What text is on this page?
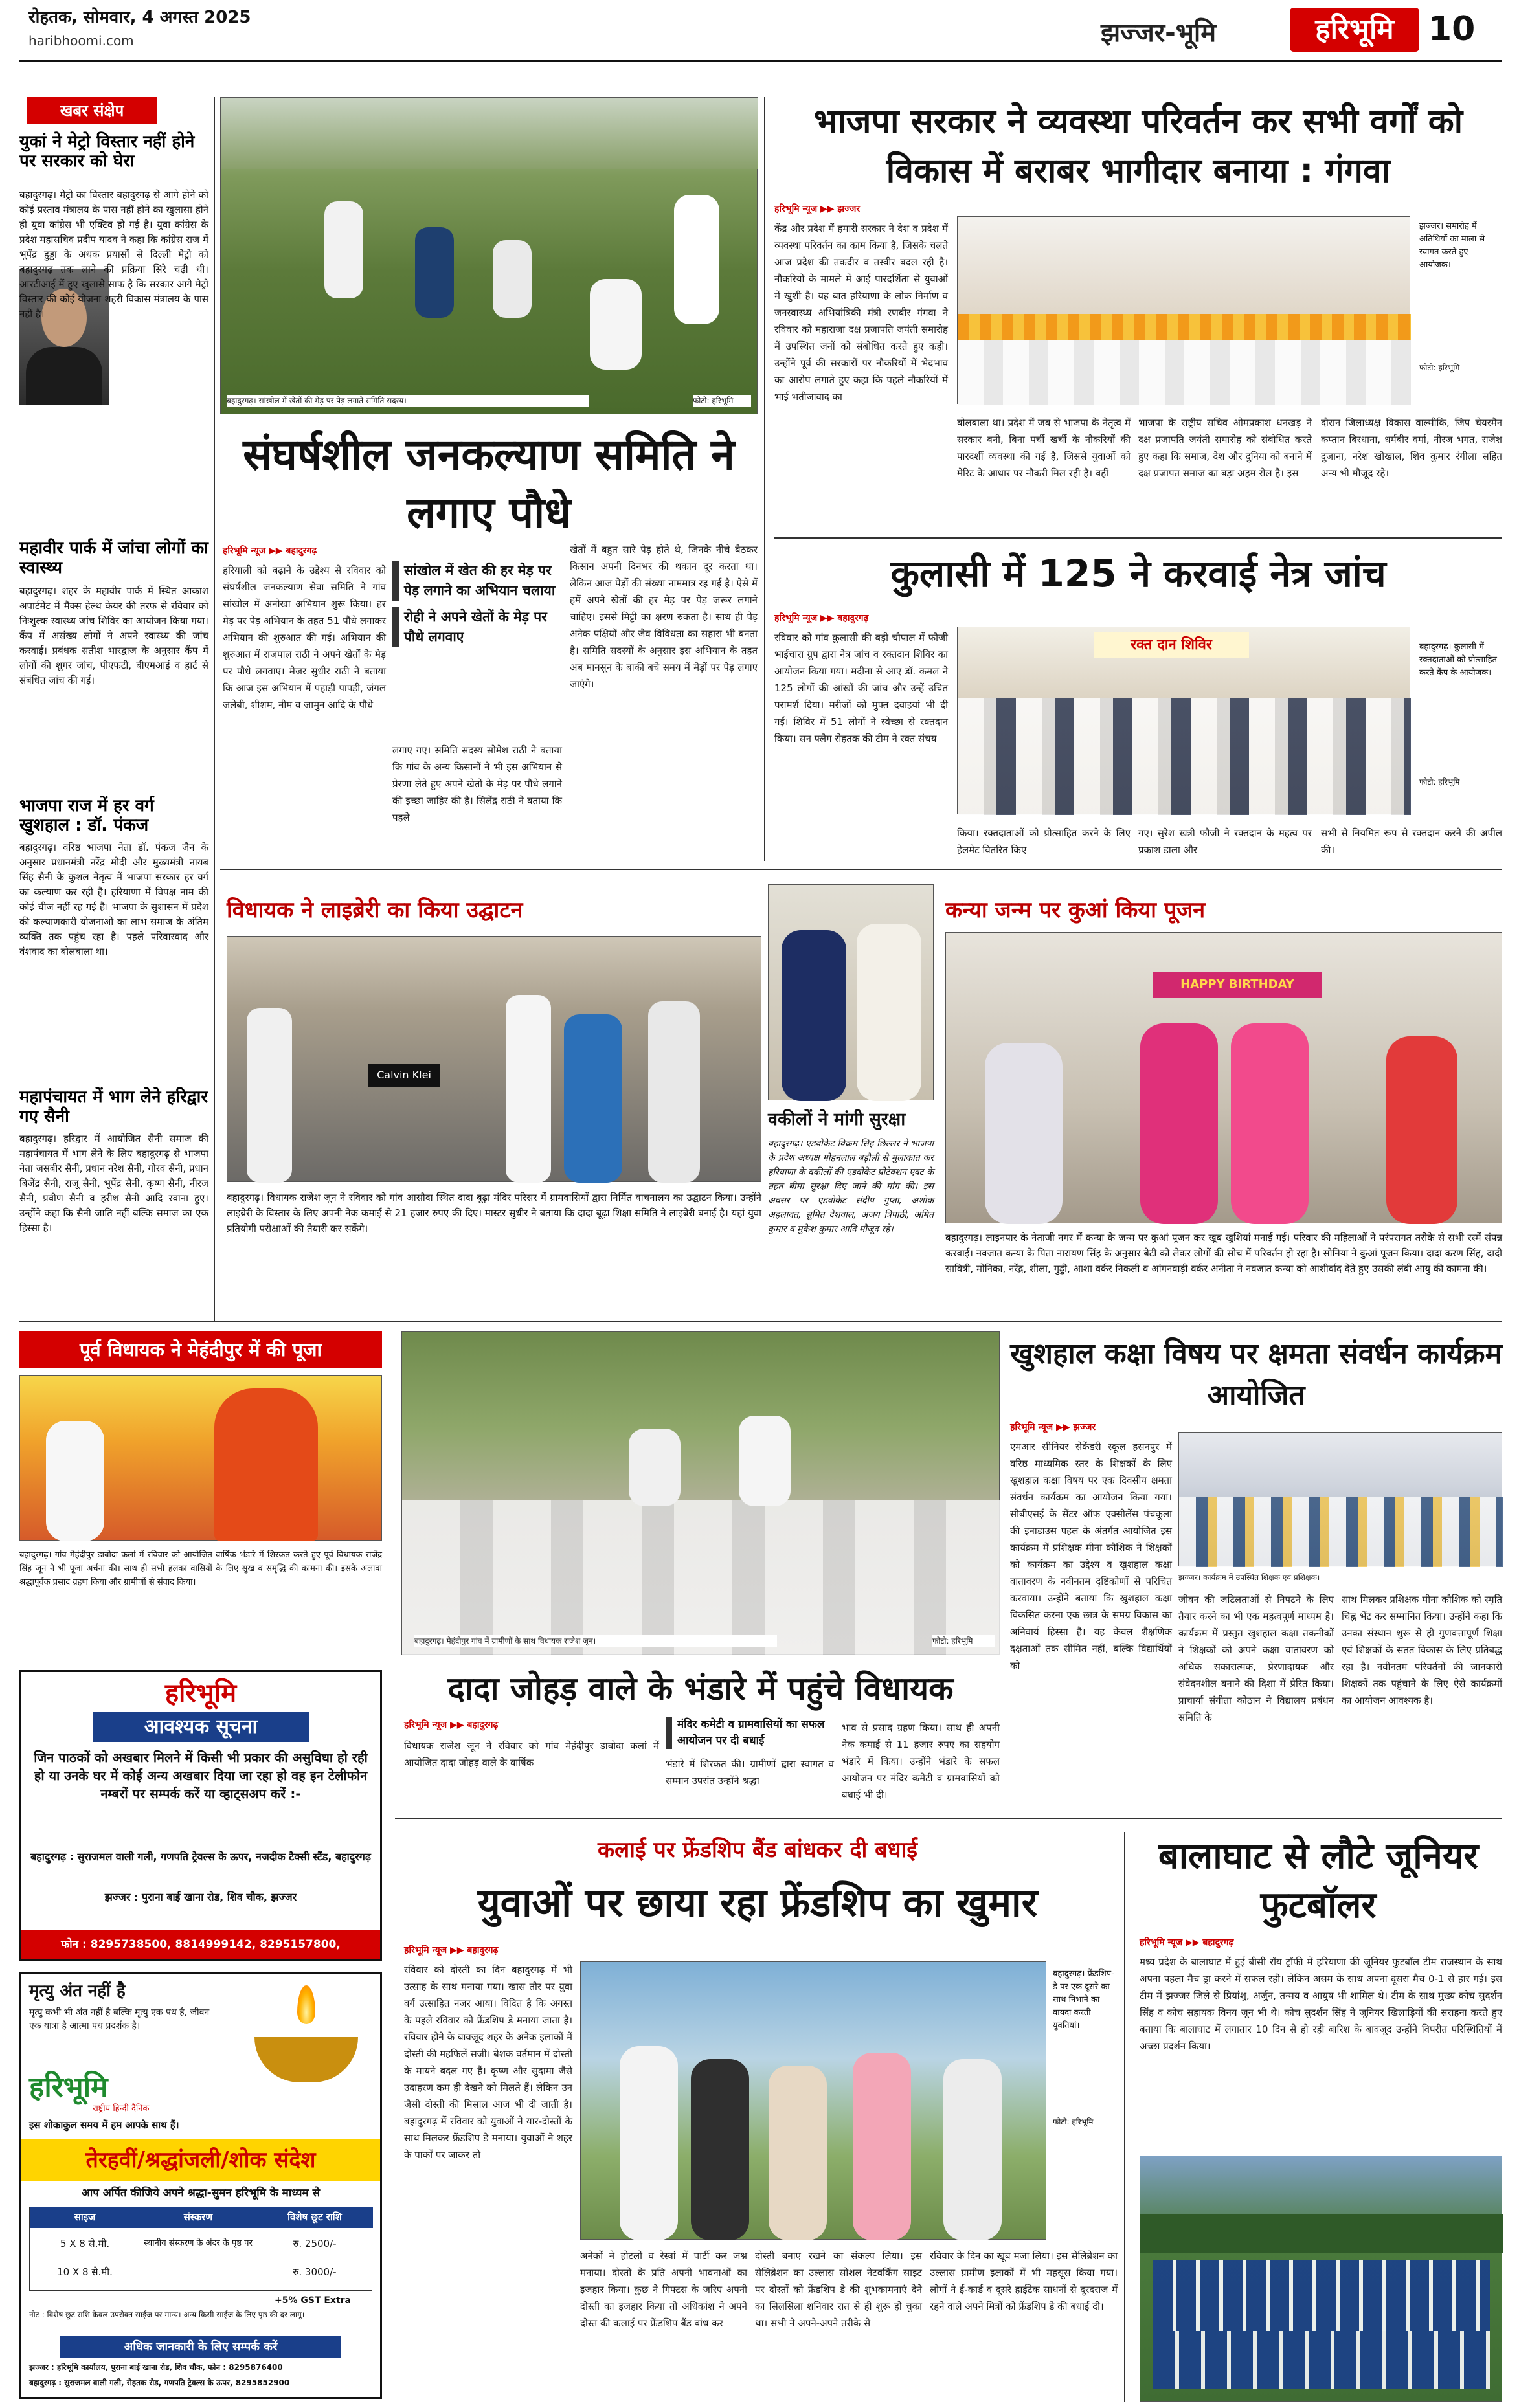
रोहतक, सोमवार, 4 अगस्त 2025
haribhoomi.com	झज्जर-भूमि	हरिभूमि	10
खबर संक्षेप
युकां ने मेट्रो विस्तार नहीं होने पर सरकार को घेरा
बहादुरगढ़। मेट्रो का विस्तार बहादुरगढ़ से आगे होने को कोई प्रस्ताव मंत्रालय के पास नहीं होने का खुलासा होने ही युवा कांग्रेस भी एक्टिव हो गई है। युवा कांग्रेस के प्रदेश महासचिव प्रदीप यादव ने कहा कि कांग्रेस राज में भूपेंद्र हुड्डा के अथक प्रयासों से दिल्ली मेट्रो को बहादुरगढ़ तक लाने की प्रक्रिया सिरे चढ़ी थी। आरटीआई में हुए खुलासे साफ है कि सरकार आगे मेट्रो विस्तार की कोई योजना शहरी विकास मंत्रालय के पास नहीं है।
महावीर पार्क में जांचा लोगों का स्वास्थ्य
बहादुरगढ़। शहर के महावीर पार्क में स्थित आकाश अपार्टमेंट में मैक्स हेल्थ केयर की तरफ से रविवार को निःशुल्क स्वास्थ्य जांच शिविर का आयोजन किया गया। कैंप में असंख्य लोगों ने अपने स्वास्थ्य की जांच करवाई। प्रबंधक सतीश भारद्वाज के अनुसार कैंप में लोगों की शुगर जांच, पीएफटी, बीएमआई व हार्ट से संबंधित जांच की गई।
भाजपा राज में हर वर्ग खुशहाल : डॉ. पंकज
बहादुरगढ़। वरिष्ठ भाजपा नेता डॉ. पंकज जैन के अनुसार प्रधानमंत्री नरेंद्र मोदी और मुख्यमंत्री नायब सिंह सैनी के कुशल नेतृत्व में भाजपा सरकार हर वर्ग का कल्याण कर रही है। हरियाणा में विपक्ष नाम की कोई चीज नहीं रह गई है। भाजपा के सुशासन में प्रदेश की कल्याणकारी योजनाओं का लाभ समाज के अंतिम व्यक्ति तक पहुंच रहा है। पहले परिवारवाद और वंशवाद का बोलबाला था।
महापंचायत में भाग लेने हरिद्वार गए सैनी
बहादुरगढ़। हरिद्वार में आयोजित सैनी समाज की महापंचायत में भाग लेने के लिए बहादुरगढ़ से भाजपा नेता जसबीर सैनी, प्रधान नरेश सैनी, गोरव सैनी, प्रधान बिजेंद्र सैनी, राजू सैनी, भूपेंद्र सैनी, कृष्ण सैनी, नीरज सैनी, प्रवीण सैनी व हरीश सैनी आदि रवाना हुए। उन्होंने कहा कि सैनी जाति नहीं बल्कि समाज का एक हिस्सा है।
बहादुरगढ़। सांखोल में खेतों की मेड़ पर पेड़ लगाते समिति सदस्य।	फोटो: हरिभूमि
संघर्षशील जनकल्याण समिति ने लगाए पौधे
हरिभूमि न्यूज ▶▶ बहादुरगढ़
सांखोल में खेत की हर मेड़ पर पेड़ लगाने का अभियान चलाया
रोही ने अपने खेतों के मेड़ पर पौधे लगवाए
हरियाली को बढ़ाने के उद्देश्य से रविवार को संघर्षशील जनकल्याण सेवा समिति ने गांव सांखोल में अनोखा अभियान शुरू किया। हर मेड़ पर पेड़ अभियान के तहत 51 पौधे लगाकर अभियान की शुरुआत की गई। अभियान की शुरुआत में राजपाल राठी ने अपने खेतों के मेड़ पर पौधे लगवाए। मेजर सुधीर राठी ने बताया कि आज इस अभियान में पहाड़ी पापड़ी, जंगल जलेबी, शीशम, नीम व जामुन आदि के पौधे
लगाए गए। समिति सदस्य सोमेश राठी ने बताया कि गांव के अन्य किसानों ने भी इस अभियान से प्रेरणा लेते हुए अपने खेतों के मेड़ पर पौधे लगाने की इच्छा जाहिर की है। सिलेंद्र राठी ने बताया कि पहले
खेतों में बहुत सारे पेड़ होते थे, जिनके नीचे बैठकर किसान अपनी दिनभर की थकान दूर करता था। लेकिन आज पेड़ों की संख्या नाममात्र रह गई है। ऐसे में हमें अपने खेतों की हर मेड़ पर पेड़ जरूर लगाने चाहिए। इससे मिट्टी का क्षरण रुकता है। साथ ही पेड़ अनेक पक्षियों और जैव विविधता का सहारा भी बनता है। समिति सदस्यों के अनुसार इस अभियान के तहत अब मानसून के बाकी बचे समय में मेड़ों पर पेड़ लगाए जाएंगे।
भाजपा सरकार ने व्यवस्था परिवर्तन कर सभी वर्गों को विकास में बराबर भागीदार बनाया : गंगवा
हरिभूमि न्यूज ▶▶ झज्जर
केंद्र और प्रदेश में हमारी सरकार ने देश व प्रदेश में व्यवस्था परिवर्तन का काम किया है, जिसके चलते आज प्रदेश की तकदीर व तस्वीर बदल रही है। नौकरियों के मामले में आई पारदर्शिता से युवाओं में खुशी है। यह बात हरियाणा के लोक निर्माण व जनस्वास्थ्य अभियांत्रिकी मंत्री रणबीर गंगवा ने रविवार को महाराजा दक्ष प्रजापति जयंती समारोह में उपस्थित जनों को संबोधित करते हुए कही। उन्होंने पूर्व की सरकारों पर नौकरियों में भेदभाव का आरोप लगाते हुए कहा कि पहले नौकरियों में भाई भतीजावाद का
झज्जर। समारोह में अतिथियों का माला से स्वागत करते हुए आयोजक।
फोटो: हरिभूमि
बोलबाला था। प्रदेश में जब से भाजपा के नेतृत्व में सरकार बनी, बिना पर्ची खर्ची के नौकरियों की पारदर्शी व्यवस्था की गई है, जिससे युवाओं को मेरिट के आधार पर नौकरी मिल रही है। वहीं
भाजपा के राष्ट्रीय सचिव ओमप्रकाश धनखड़ ने दक्ष प्रजापति जयंती समारोह को संबोधित करते हुए कहा कि समाज, देश और दुनिया को बनाने में दक्ष प्रजापत समाज का बड़ा अहम रोल है। इस
दौरान जिलाध्यक्ष विकास वाल्मीकि, जिप चेयरमैन कप्तान बिरधाना, धर्मबीर वर्मा, नीरज भगत, राजेश दुजाना, नरेश खोखाल, शिव कुमार रंगीला सहित अन्य भी मौजूद रहे।
कुलासी में 125 ने करवाई नेत्र जांच
हरिभूमि न्यूज ▶▶ बहादुरगढ़
रविवार को गांव कुलासी की बड़ी चौपाल में फौजी भाईचारा ग्रुप द्वारा नेत्र जांच व रक्तदान शिविर का आयोजन किया गया। मदीना से आए डॉ. कमल ने 125 लोगों की आंखों की जांच और उन्हें उचित परामर्श दिया। मरीजों को मुफ्त दवाइयां भी दी गईं। शिविर में 51 लोगों ने स्वेच्छा से रक्तदान किया। सन फ्लैग रोहतक की टीम ने रक्त संचय
रक्त दान शिविर	बहादुरगढ़। कुलासी में रक्तदाताओं को प्रोत्साहित करते कैंप के आयोजक।
फोटो: हरिभूमि
किया। रक्तदाताओं को प्रोत्साहित करने के लिए हेलमेट वितरित किए
गए। सुरेश खत्री फौजी ने रक्तदान के महत्व पर प्रकाश डाला और
सभी से नियमित रूप से रक्तदान करने की अपील की।
विधायक ने लाइब्रेरी का किया उद्घाटन
Calvin Klei
बहादुरगढ़। विधायक राजेश जून ने रविवार को गांव आसौदा स्थित दादा बूढ़ा मंदिर परिसर में ग्रामवासियों द्वारा निर्मित वाचनालय का उद्घाटन किया। उन्होंने लाइब्रेरी के विस्तार के लिए अपनी नेक कमाई से 21 हजार रुपए की दिए। मास्टर सुधीर ने बताया कि दादा बूढ़ा शिक्षा समिति ने लाइब्रेरी बनाई है। यहां युवा प्रतियोगी परीक्षाओं की तैयारी कर सकेंगे।
वकीलों ने मांगी सुरक्षा
बहादुरगढ़। एडवोकेट विक्रम सिंह छिल्लर ने भाजपा के प्रदेश अध्यक्ष मोहनलाल बड़ौली से मुलाकात कर हरियाणा के वकीलों की एडवोकेट प्रोटेक्शन एक्ट के तहत बीमा सुरक्षा दिए जाने की मांग की। इस अवसर पर एडवोकेट संदीप गुप्ता, अशोक अहलावत, सुमित देशवाल, अजय त्रिपाठी, अमित कुमार व मुकेश कुमार आदि मौजूद रहे।
कन्या जन्म पर कुआं किया पूजन
HAPPY BIRTHDAY
बहादुरगढ़। लाइनपार के नेताजी नगर में कन्या के जन्म पर कुआं पूजन कर खूब खुशियां मनाई गई। परिवार की महिलाओं ने परंपरागत तरीके से सभी रस्में संपन्न करवाई। नवजात कन्या के पिता नारायण सिंह के अनुसार बेटी को लेकर लोगों की सोच में परिवर्तन हो रहा है। सोनिया ने कुआं पूजन किया। दादा करण सिंह, दादी सावित्री, मोनिका, नरेंद्र, शीला, गुड्डी, आशा वर्कर निकली व आंगनवाड़ी वर्कर अनीता ने नवजात कन्या को आशीर्वाद देते हुए उसकी लंबी आयु की कामना की।
पूर्व विधायक ने मेहंदीपुर में की पूजा
बहादुरगढ़। गांव मेहंदीपुर डाबोदा कलां में रविवार को आयोजित वार्षिक भंडारे में शिरकत करते हुए पूर्व विधायक राजेंद्र सिंह जून ने भी पूजा अर्चना की। साथ ही सभी हलका वासियों के लिए सुख व समृद्धि की कामना की। इसके अलावा श्रद्धापूर्वक प्रसाद ग्रहण किया और ग्रामीणों से संवाद किया।
बहादुरगढ़। मेहंदीपुर गांव में ग्रामीणों के साथ विधायक राजेश जून।	फोटो: हरिभूमि
दादा जोहड़ वाले के भंडारे में पहुंचे विधायक
हरिभूमि न्यूज ▶▶ बहादुरगढ़	मंदिर कमेटी व ग्रामवासियों का सफल आयोजन पर दी बधाई
विधायक राजेश जून ने रविवार को गांव मेहंदीपुर डाबोदा कलां में आयोजित दादा जोहड़ वाले के वार्षिक	भंडारे में शिरकत की। ग्रामीणों द्वारा स्वागत व सम्मान उपरांत उन्होंने श्रद्धा
भाव से प्रसाद ग्रहण किया। साथ ही अपनी नेक कमाई से 11 हजार रुपए का सहयोग भंडारे में किया। उन्होंने भंडारे के सफल आयोजन पर मंदिर कमेटी व ग्रामवासियों को बधाई भी दी।
खुशहाल कक्षा विषय पर क्षमता संवर्धन कार्यक्रम आयोजित
हरिभूमि न्यूज ▶▶ झज्जर
एमआर सीनियर सेकेंडरी स्कूल हसनपुर में वरिष्ठ माध्यमिक स्तर के शिक्षकों के लिए खुशहाल कक्षा विषय पर एक दिवसीय क्षमता संवर्धन कार्यक्रम का आयोजन किया गया। सीबीएसई के सेंटर ऑफ एक्सीलेंस पंचकूला की इनाडाउस पहल के अंतर्गत आयोजित इस कार्यक्रम में प्रशिक्षक मीना कौशिक ने शिक्षकों को कार्यक्रम का उद्देश्य व खुशहाल कक्षा वातावरण के नवीनतम दृष्टिकोणों से परिचित करवाया। उन्होंने बताया कि खुशहाल कक्षा विकसित करना एक छात्र के समग्र विकास का अनिवार्य हिस्सा है। यह केवल शैक्षणिक दक्षताओं तक सीमित नहीं, बल्कि विद्यार्थियों को
झज्जर। कार्यक्रम में उपस्थित शिक्षक एवं प्रशिक्षक।
जीवन की जटिलताओं से निपटने के लिए तैयार करने का भी एक महत्वपूर्ण माध्यम है। कार्यक्रम में प्रस्तुत खुशहाल कक्षा तकनीकों ने शिक्षकों को अपने कक्षा वातावरण को अधिक सकारात्मक, प्रेरणादायक और संवेदनशील बनाने की दिशा में प्रेरित किया। प्राचार्या संगीता कोठान ने विद्यालय प्रबंधन समिति के
साथ मिलकर प्रशिक्षक मीना कौशिक को स्मृति चिह्न भेंट कर सम्मानित किया। उन्होंने कहा कि उनका संस्थान शुरू से ही गुणवत्तापूर्ण शिक्षा एवं शिक्षकों के सतत विकास के लिए प्रतिबद्ध रहा है। नवीनतम परिवर्तनों की जानकारी शिक्षकों तक पहुंचाने के लिए ऐसे कार्यक्रमों का आयोजन आवश्यक है।
हरिभूमि
आवश्यक सूचना
जिन पाठकों को अखबार मिलने में किसी भी प्रकार की असुविधा हो रही हो या उनके घर में कोई अन्य अखबार दिया जा रहा हो वह इन टेलीफोन नम्बरों पर सम्पर्क करें या व्हाट्सअप करें :-
बहादुरगढ़ : सुराजमल वाली गली, गणपति ट्रेवल्स के ऊपर, नजदीक टैक्सी स्टैंड, बहादुरगढ़
झज्जर : पुराना बाई खाना रोड, शिव चौक, झज्जर
फोन : 8295738500, 8814999142, 8295157800, 9253681005
मृत्यु अंत नहीं है
मृत्यु कभी भी अंत नहीं है बल्कि मृत्यु एक पथ है, जीवन एक यात्रा है आत्मा पथ प्रदर्शक है।
हरिभूमि
राष्ट्रीय हिन्दी दैनिक
इस शोकाकुल समय में हम आपके साथ हैं।
तेरहवीं/श्रद्धांजली/शोक संदेश
आप अर्पित कीजिये अपने श्रद्धा-सुमन हरिभूमि के माध्यम से
साइज	संस्करण	विशेष छूट राशि
5 X 8 से.मी.	स्थानीय संस्करण के अंदर के पृष्ठ पर	रु. 2500/-
10 X 8 से.मी.	रु. 3000/-
+5% GST Extra
नोट : विशेष छूट राशि केवल उपरोक्त साईज पर मान्य। अन्य किसी साईज के लिए पृष्ठ की दर लागू।
अधिक जानकारी के लिए सम्पर्क करें
झज्जर : हरिभूमि कार्यालय, पुराना बाई खाना रोड, शिव चौक, फोन : 8295876400
बहादुरगढ़ : सुराजमल वाली गली, रोहतक रोड, गणपति ट्रेवल्स के ऊपर, 8295852900
कलाई पर फ्रेंडशिप बैंड बांधकर दी बधाई
युवाओं पर छाया रहा फ्रेंडशिप का खुमार
हरिभूमि न्यूज ▶▶ बहादुरगढ़
रविवार को दोस्ती का दिन बहादुरगढ़ में भी उत्साह के साथ मनाया गया। खास तौर पर युवा वर्ग उत्साहित नजर आया। विदित है कि अगस्त के पहले रविवार को फ्रेंडशिप डे मनाया जाता है। रविवार होने के बावजूद शहर के अनेक इलाकों में दोस्ती की महफिलें सजी। बेशक वर्तमान में दोस्ती के मायने बदल गए हैं। कृष्ण और सुदामा जैसे उदाहरण कम ही देखने को मिलते हैं। लेकिन उन जैसी दोस्ती की मिसाल आज भी दी जाती है। बहादुरगढ़ में रविवार को युवाओं ने यार-दोस्तों के साथ मिलकर फ्रेंडशिप डे मनाया। युवाओं ने शहर के पार्कों पर जाकर तो
बहादुरगढ़। फ्रेंडशिप-डे पर एक दूसरे का साथ निभाने का वायदा करती युवतियां।
फोटो: हरिभूमि
अनेकों ने होटलों व रेस्त्रां में पार्टी कर जश्न मनाया। दोस्तों के प्रति अपनी भावनाओं का इजहार किया। कुछ ने गिफ्टस के जरिए अपनी दोस्ती का इजहार किया तो अधिकांश ने अपने दोस्त की कलाई पर फ्रेंडशिप बैंड बांध कर
दोस्ती बनाए रखने का संकल्प लिया। इस सेलिब्रेशन का उल्लास सोशल नेटवर्किंग साइट पर दोस्तों को फ्रेंडशिप डे की शुभकामनाएं देने का सिलसिला शनिवार रात से ही शुरू हो चुका था। सभी ने अपने-अपने तरीके से
रविवार के दिन का खूब मजा लिया। इस सेलिब्रेशन का उल्लास ग्रामीण इलाकों में भी महसूस किया गया। लोगों ने ई-कार्ड व दूसरे हाईटेक साधनों से दूरदराज में रहने वाले अपने मित्रों को फ्रेंडशिप डे की बधाई दी।
बालाघाट से लौटे जूनियर फुटबॉलर
हरिभूमि न्यूज ▶▶ बहादुरगढ़
मध्य प्रदेश के बालाघाट में हुई बीसी रॉय ट्रॉफी में हरियाणा की जूनियर फुटबॉल टीम राजस्थान के साथ अपना पहला मैच ड्रा करने में सफल रही। लेकिन असम के साथ अपना दूसरा मैच 0-1 से हार गई। इस टीम में झज्जर जिले से प्रियांशु, अर्जुन, तन्मय व आयुष भी शामिल थे। टीम के साथ मुख्य कोच सुदर्शन सिंह व कोच सहायक विनय जून भी थे। कोच सुदर्शन सिंह ने जूनियर खिलाड़ियों की सराहना करते हुए बताया कि बालाघाट में लगातार 10 दिन से हो रही बारिश के बावजूद उन्होंने विपरीत परिस्थितियों में अच्छा प्रदर्शन किया।
